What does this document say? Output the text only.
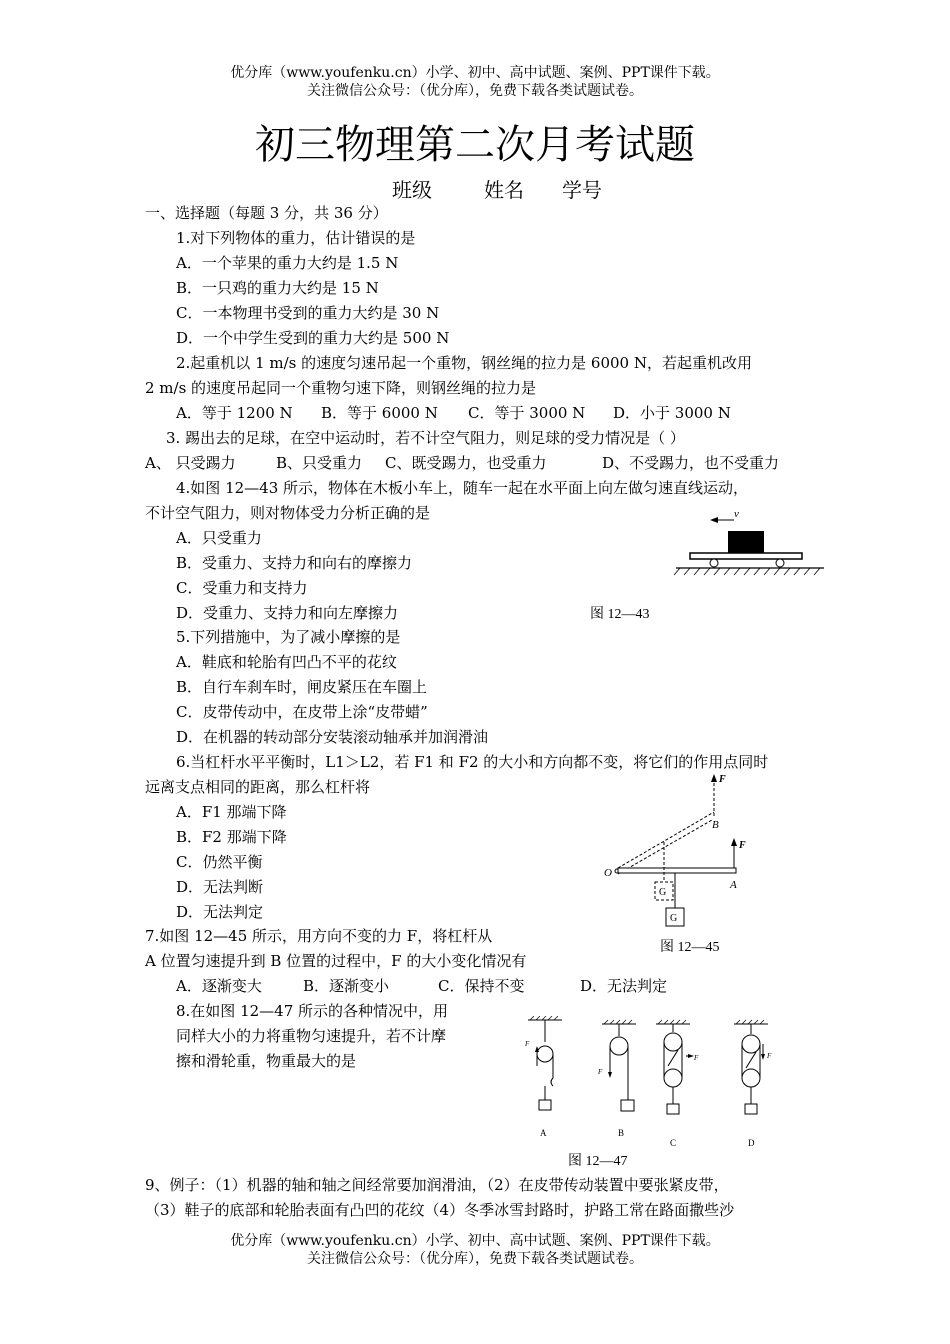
优分库（www.youfenku.cn）小学、初中、高中试题、案例、PPT课件下载。
关注微信公众号：（优分库），免费下载各类试题试卷。
初三物理第二次月考试题
班级	姓名 学号
一、选择题（每题 3 分，共 36 分）
1.对下列物体的重力，估计错误的是
A．一个苹果的重力大约是 1.5 N
B．一只鸡的重力大约是 15 N
C．一本物理书受到的重力大约是 30 N
D．一个中学生受到的重力大约是 500 N
2.起重机以 1 m/s 的速度匀速吊起一个重物，钢丝绳的拉力是 6000 N，若起重机改用
2 m/s 的速度吊起同一个重物匀速下降，则钢丝绳的拉力是
A．等于 1200 N B．等于 6000 N C．等于 3000 N D．小于 3000 N
3. 踢出去的足球，在空中运动时，若不计空气阻力，则足球的受力情况是（ ）
A、 只受踢力	B、只受重力 C、既受踢力，也受重力	D、不受踢力，也不受重力
4.如图 12—43 所示，物体在木板小车上，随车一起在水平面上向左做匀速直线运动，
不计空气阻力，则对物体受力分析正确的是
A．只受重力
B．受重力、支持力和向右的摩擦力
C．受重力和支持力
D．受重力、支持力和向左摩擦力	图 12—43
v
5.下列措施中，为了减小摩擦的是
A．鞋底和轮胎有凹凸不平的花纹
B．自行车刹车时，闸皮紧压在车圈上
C．皮带传动中，在皮带上涂“皮带蜡”
D．在机器的转动部分安装滚动轴承并加润滑油
6.当杠杆水平平衡时，L1＞L2，若 F1 和 F2 的大小和方向都不变，将它们的作用点同时
远离支点相同的距离，那么杠杆将
A．F1 那端下降
B．F2 那端下降
C．仍然平衡
D．无法判断
D．无法判定
O
F
B
F
A
G
G
图 12—45
7.如图 12—45 所示，用方向不变的力 F，将杠杆从
A 位置匀速提升到 B 位置的过程中，F 的大小变化情况有
A．逐渐变大	B．逐渐变小	C．保持不变	D．无法判定
8.在如图 12—47 所示的各种情况中，用
同样大小的力将重物匀速提升，若不计摩
擦和滑轮重，物重最大的是
F
A
F
B
F
C
F
D
图 12—47
9、例子：（1）机器的轴和轴之间经常要加润滑油，（2）在皮带传动装置中要张紧皮带，
（3）鞋子的底部和轮胎表面有凸凹的花纹（4）冬季冰雪封路时，护路工常在路面撒些沙
优分库（www.youfenku.cn）小学、初中、高中试题、案例、PPT课件下载。
关注微信公众号：（优分库），免费下载各类试题试卷。
